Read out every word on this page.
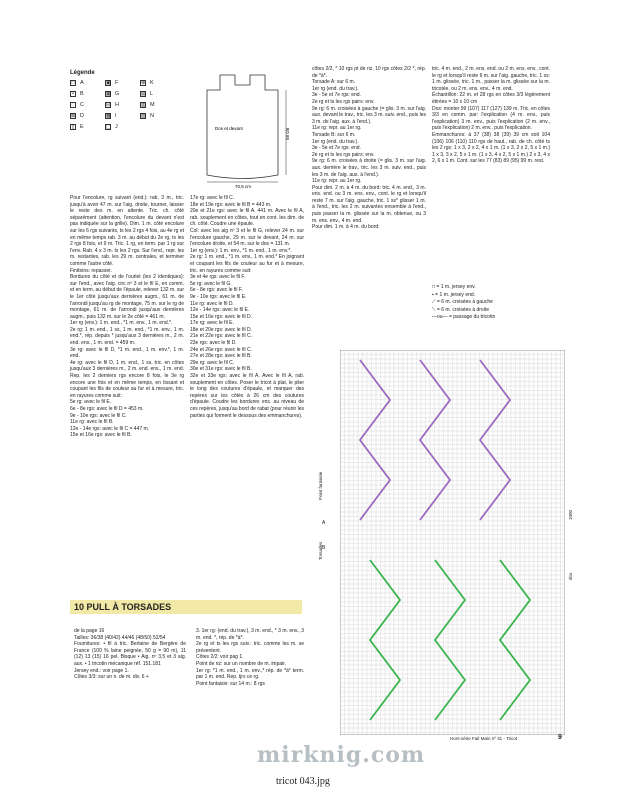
Légende
□ A
•	B
◌ C
⊠ D
▯ E
▣ F
▦ G
⊟ H
▩ I
▢ J
⊕ K
▤ L
▥ M
▧ N
Dos et devant
70,5 cm
58 cm
Pour l'encolure, rg suivant (end.): rab. 3 m., tric. jusqu'à avoir 47 m. sur l'aig. droite, tourner, laisser le reste des m. en attente. Tric. ch. côté séparément (attention, l'encolure du devant n'est pas indiquée sur la grille). Dim. 1 m. côté encolure sur les 6 rgs suivants, ts les 2 rgs 4 fois, au 4e rg et en même temps rab. 3 m. au début du 2e rg, ts les 2 rgs 8 fois, et 9 m. Tric. 1 rg, en term. par 1 rg sur l'env. Rab. 4 x 3 m. ts les 2 rgs. Sur l'end., repr. les m. restantes, rab. les 29 m. centrales, et terminer comme l'autre côté.
Finitions: repasser.
Bordures du côté et de l'ourlet (les 2 identiques): sur l'end., avec l'aig. circ nº 3 et le fil E, en comm. et en term. au début de l'épaule, relever 132 m. sur le 1er côté jusqu'aux dernières augm., 61 m. de l'arrondi jusqu'au rg de montage, 75 m. sur le rg de montage, 61 m. de l'arrondi jusqu'aux dernières augm., puis 132 m. sur le 2e côté = 461 m.
1er rg (env.): 1 m. end., *1 m. env., 1 m. end.*.
2e rg: 1 m. end., 1 ss, 1 m. end., *1 m. env., 1 m. end.*, rép. depuis * jusqu'aux 3 dernières m., 2 m. end. ens., 1 m. end. = 459 m.
3e rg: avec le fil D, *1 m. end., 1 m. env.*, 1 m. end.
4e rg: avec le fil D, 1 m. end., 1 ss, tric. en côtes jusqu'aux 3 dernières m., 2 m. end. ens., 1 m. end. Rep. les 2 derniers rgs encore 8 fois, le 3e rg encore une fois et en même temps, en tissant et coupant les fils de couleur au fur et à mesure, tric. en rayures comme suit:
5e rg: avec le fil E.
6e - 8e rgs: avec le fil D = 453 m.
9e - 10e rgs: avec le fil C.
11e rg: avec le fil B.
12e - 14e rgs: avec le fil C = 447 m.
15e et 16e rgs: avec le fil B.
17e rg: avec le fil C.
18e et 19e rgs: avec le fil B = 443 m.
20e et 21e rgs: avec le fil A. 441 m. Avec le fil A, rab. souplement en côtes, tout en cont. les dim. de ch. côté. Coudre une épaule.
Col: avec les aig nº 3 et le fil G, relever 24 m. sur l'encolure gauche, 29 m. sur le devant, 24 m. sur l'encolure droite, et 54 m. sur le dos = 131 m.
1er rg (env.): 1 m. env., *1 m. end., 1 m. env.*.
2e rg: 1 m. end., *1 m. env., 1 m. end.* En joignant et coupant les fils de couleur au fur et à mesure, tric. en rayures comme suit:
3e et 4e rgs: avec le fil F.
5e rg: avec le fil G.
6e - 8e rgs: avec le fil F.
9e - 10e rgs: avec le fil E.
11e rg: avec le fil D.
12e - 14e rgs: avec le fil E.
15e et 16e rgs: avec le fil D.
17e rg: avec le fil E.
18e et 20e rgs: avec le fil D.
21e et 22e rgs: avec le fil C.
23e rgs: avec le fil D.
24e et 26e rgs: avec le fil C.
27e et 28e rgs: avec le fil B.
29e rg: avec le fil C.
30e et 31e rgs: avec le fil B.
32e et 33e rgs: avec le fil A. Avec le fil A, rab. souplement en côtes. Poser le tricot à plat, le plier le long des coutures d'épaule, et marquer des repères sur les côtés à 26 cm des coutures d'épaule. Coudre les bordures ens. au niveau de ces repères, jusqu'au bord de rabat (pour réunir les parties qui forment le dessous des emmanchures).
côtes 2/2, * 10 rgs pt de riz, 10 rgs côtes 2/2 *, rép. de *à*.
Torsade A: sur 6 m.
1er rg (end. du trav.).
3e - 5e et 7e rgs: end.
2e rg et ts les rgs pairs: env.
9e rg: 6 m. croisées à gauche (= glis. 3 m. sur l'aig. aux. devant le trav., tric. les 3 m. suiv. end., puis les 3 m. de l'aig. aux. à l'end.).
11e rg: repr. au 1er rg.
Torsade B: sur 6 m.
1er rg (end. du trav.).
3e - 5e et 7e rgs: end.
2e rg et ts les rgs pairs: env.
9e rg: 6 m. croisées à droite (= glis. 3 m. sur l'aig. aux. derrière le trav., tric. les 3 m. suiv. end., puis les 3 m. de l'aig. aux. à l'end.).
11e rg: repr. au 1er rg.
Pour dim. 2 m. à 4 m. du bord: tric. 4 m. end., 3 m. ens. end. ou 3 m. ens. env., cont. le rg et lorsqu'il reste 7 m. sur l'aig. gauche, tric. 1 ss* glisser 1 m. à l'end., tric. les 2 m. suivantes ensemble à l'end., puis passer la m. glissée sur la m. obtenue, ou 3 m. ens. env., 4 m. end.
Pour dim. 1 m. à 4 m. du bord:
tric. 4 m. end., 2 m. ens. end. ou 2 m. ens. env., cont. le rg et lorsqu'il reste 6 m. sur l'aig. gauche, tric. 1 ss: 1 m. glissée, tric. 1 m., passer la m. glissée sur la m. tricotée, ou 2 m. ens. env., 4 m. end.
Échantillon: 22 m. et 28 rgs en côtes 3/3 légèrement étirées = 10 x 10 cm
Dos: monter 99 (107) 117 (127) 139 m. Tric. en côtes 3/3 en comm. par: l'explication (4 m. env., puis l'explication) 3 m. env., puis l'explication (2 m. env., puis l'explication) 2 m. env., puis l'explication.
Emmanchures: à 37 (38) 38 (39) 39 cm soit 104 (106) 106 (110) 110 rgs de haut., rab. de ch. côté ts les 2 rgs: 1 x 3, 2 x 2, 4 x 1 m. (1 x 3, 2 x 2, 5 x 1 m.) 1 x 3, 3 x 2, 5 x 1 m. (1 x 3, 4 x 2, 5 x 1 m.) 2 x 3, 4 x 2, 6 x 1 m. Cont. sur les 77 (83) 89 (95) 99 m. rest.
□ = 1 m. jersey env.
▪ = 1 m. jersey end.
⟋ = 6 m. croisées à gauche
⟍ = 6 m. croisées à droite
—ou— = passage du tricotin
10 PULL À TORSADES
de la page 16
Tailles: 36/38 (40/42) 44/46 (48/50) 52/54
Fournitures: • fil à tric. Berlaine de Bergère de France (100 % laine peignée, 50 g = 90 m), 11 (12) 13 (15) 16 pel. Bisque • Aig. nº 3,5 et 3 aig. aux. • 1 tricotin mécanique réf. 151.181
Jersey end.: voir page 1.
Côtes 3/3: sur un n. de m. div. 6 +
3. 1er rg: (end. du trav.), 3 m. end., * 3 m. env., 3 m. end. *, rép. de *à*.
2e rg et ts les rgs suiv.: tric. comme les m. se présentent.
Côtes 2/2: voir pag 1.
Point de riz: sur un nombre de m. impair.
1er rg: *1 m. end., 1 m. env.,* rép. de *à* term. par 1 m. end. Rep. tjrs ce rg.
Point fantaisie: sur 14 m.: 8 rgs
Point fantaisie
Torsades
A
B
dos
1000
Hors-série Fait Main nº 31 - Tricot	9
mirknig.com
tricot 043.jpg
